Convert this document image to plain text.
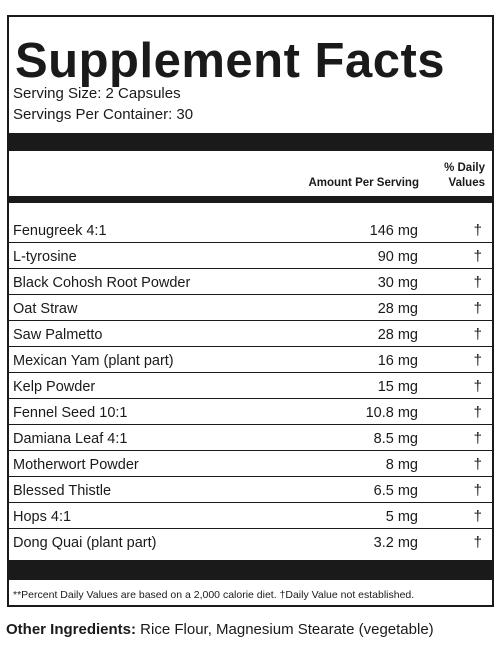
Supplement Facts
Serving Size: 2 Capsules
Servings Per Container: 30
Amount Per Serving
% Daily
Values
Fenugreek 4:1	146 mg	†
L-tyrosine	90 mg	†
Black Cohosh Root Powder	30 mg	†
Oat Straw	28 mg	†
Saw Palmetto	28 mg	†
Mexican Yam (plant part)	16 mg	†
Kelp Powder	15 mg	†
Fennel Seed 10:1	10.8 mg	†
Damiana Leaf 4:1	8.5 mg	†
Motherwort Powder	8 mg	†
Blessed Thistle	6.5 mg	†
Hops 4:1	5 mg	†
Dong Quai (plant part)	3.2 mg	†
**Percent Daily Values are based on a 2,000 calorie diet. †Daily Value not established.
Other Ingredients: Rice Flour, Magnesium Stearate (vegetable)
